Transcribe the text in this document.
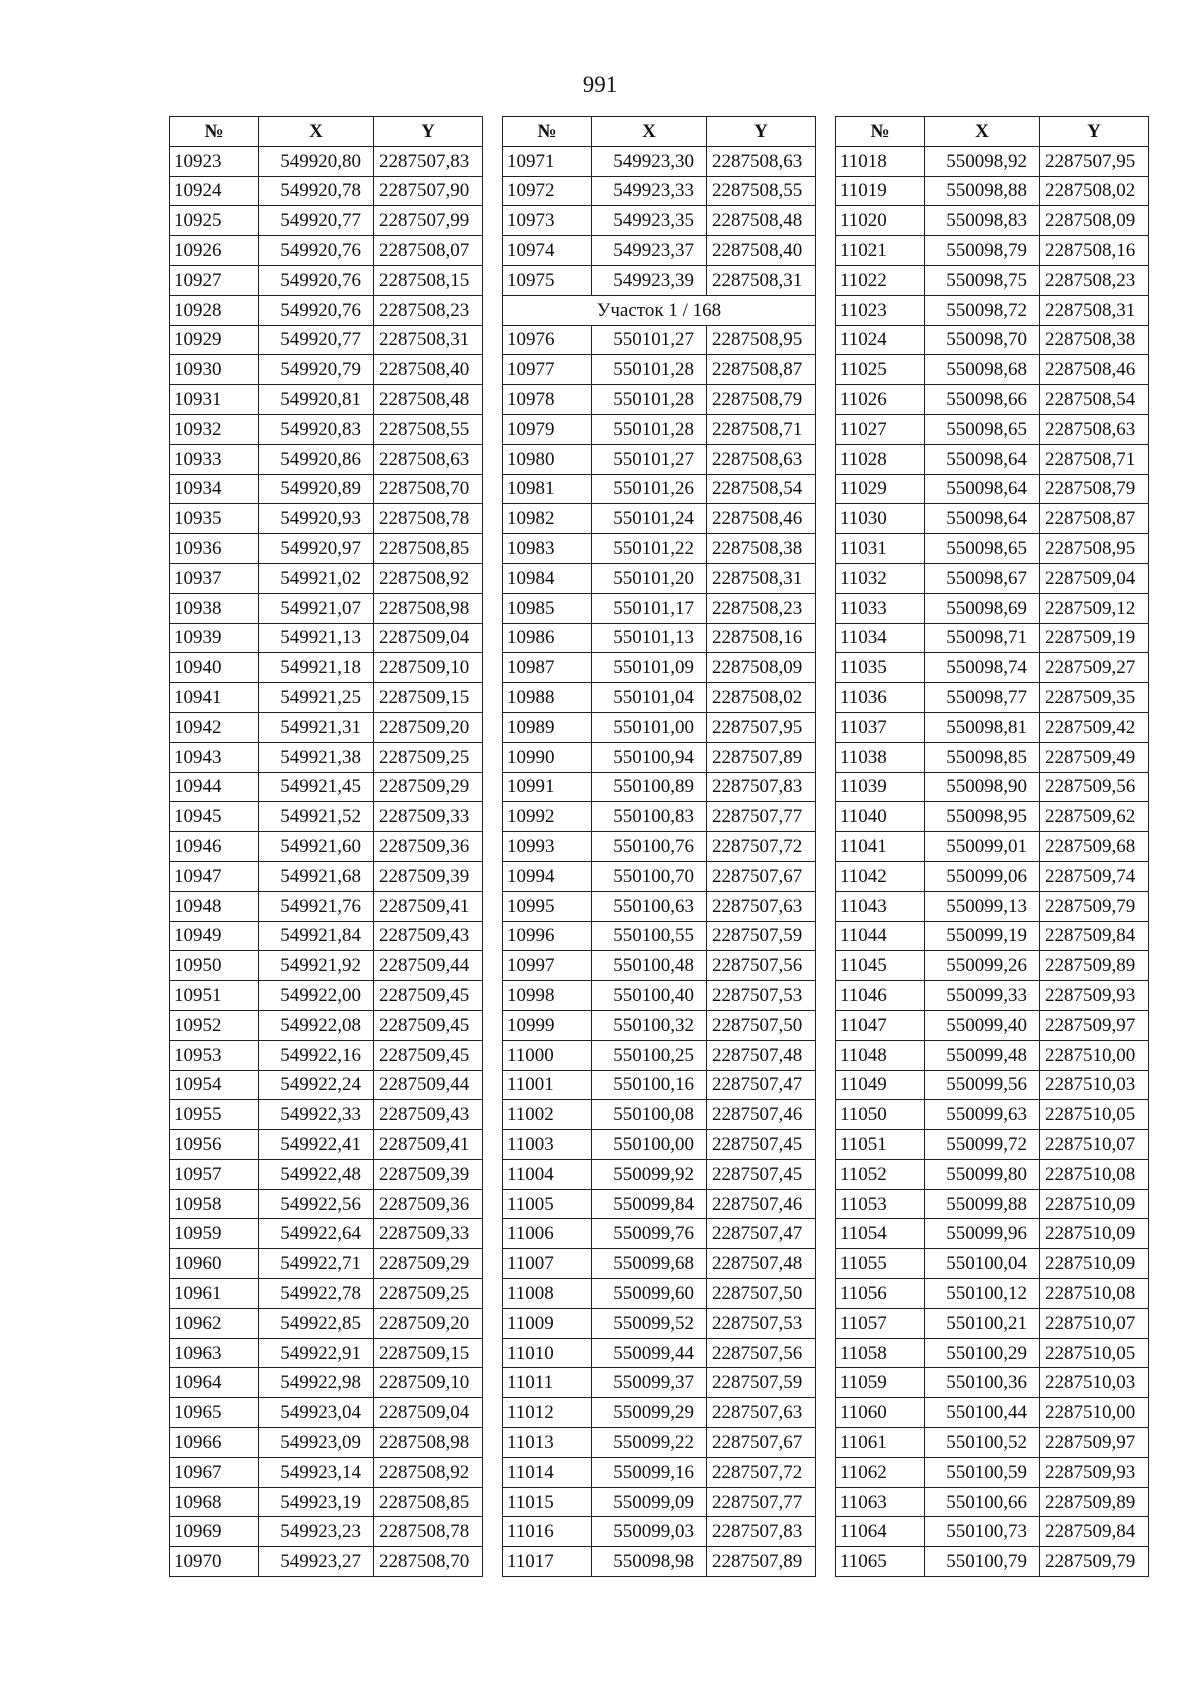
991
№	X	Y
10923	549920,80	2287507,83
10924	549920,78	2287507,90
10925	549920,77	2287507,99
10926	549920,76	2287508,07
10927	549920,76	2287508,15
10928	549920,76	2287508,23
10929	549920,77	2287508,31
10930	549920,79	2287508,40
10931	549920,81	2287508,48
10932	549920,83	2287508,55
10933	549920,86	2287508,63
10934	549920,89	2287508,70
10935	549920,93	2287508,78
10936	549920,97	2287508,85
10937	549921,02	2287508,92
10938	549921,07	2287508,98
10939	549921,13	2287509,04
10940	549921,18	2287509,10
10941	549921,25	2287509,15
10942	549921,31	2287509,20
10943	549921,38	2287509,25
10944	549921,45	2287509,29
10945	549921,52	2287509,33
10946	549921,60	2287509,36
10947	549921,68	2287509,39
10948	549921,76	2287509,41
10949	549921,84	2287509,43
10950	549921,92	2287509,44
10951	549922,00	2287509,45
10952	549922,08	2287509,45
10953	549922,16	2287509,45
10954	549922,24	2287509,44
10955	549922,33	2287509,43
10956	549922,41	2287509,41
10957	549922,48	2287509,39
10958	549922,56	2287509,36
10959	549922,64	2287509,33
10960	549922,71	2287509,29
10961	549922,78	2287509,25
10962	549922,85	2287509,20
10963	549922,91	2287509,15
10964	549922,98	2287509,10
10965	549923,04	2287509,04
10966	549923,09	2287508,98
10967	549923,14	2287508,92
10968	549923,19	2287508,85
10969	549923,23	2287508,78
10970	549923,27	2287508,70
№	X	Y
10971	549923,30	2287508,63
10972	549923,33	2287508,55
10973	549923,35	2287508,48
10974	549923,37	2287508,40
10975	549923,39	2287508,31
Участок 1 / 168		
10976	550101,27	2287508,95
10977	550101,28	2287508,87
10978	550101,28	2287508,79
10979	550101,28	2287508,71
10980	550101,27	2287508,63
10981	550101,26	2287508,54
10982	550101,24	2287508,46
10983	550101,22	2287508,38
10984	550101,20	2287508,31
10985	550101,17	2287508,23
10986	550101,13	2287508,16
10987	550101,09	2287508,09
10988	550101,04	2287508,02
10989	550101,00	2287507,95
10990	550100,94	2287507,89
10991	550100,89	2287507,83
10992	550100,83	2287507,77
10993	550100,76	2287507,72
10994	550100,70	2287507,67
10995	550100,63	2287507,63
10996	550100,55	2287507,59
10997	550100,48	2287507,56
10998	550100,40	2287507,53
10999	550100,32	2287507,50
11000	550100,25	2287507,48
11001	550100,16	2287507,47
11002	550100,08	2287507,46
11003	550100,00	2287507,45
11004	550099,92	2287507,45
11005	550099,84	2287507,46
11006	550099,76	2287507,47
11007	550099,68	2287507,48
11008	550099,60	2287507,50
11009	550099,52	2287507,53
11010	550099,44	2287507,56
11011	550099,37	2287507,59
11012	550099,29	2287507,63
11013	550099,22	2287507,67
11014	550099,16	2287507,72
11015	550099,09	2287507,77
11016	550099,03	2287507,83
11017	550098,98	2287507,89
№	X	Y
11018	550098,92	2287507,95
11019	550098,88	2287508,02
11020	550098,83	2287508,09
11021	550098,79	2287508,16
11022	550098,75	2287508,23
11023	550098,72	2287508,31
11024	550098,70	2287508,38
11025	550098,68	2287508,46
11026	550098,66	2287508,54
11027	550098,65	2287508,63
11028	550098,64	2287508,71
11029	550098,64	2287508,79
11030	550098,64	2287508,87
11031	550098,65	2287508,95
11032	550098,67	2287509,04
11033	550098,69	2287509,12
11034	550098,71	2287509,19
11035	550098,74	2287509,27
11036	550098,77	2287509,35
11037	550098,81	2287509,42
11038	550098,85	2287509,49
11039	550098,90	2287509,56
11040	550098,95	2287509,62
11041	550099,01	2287509,68
11042	550099,06	2287509,74
11043	550099,13	2287509,79
11044	550099,19	2287509,84
11045	550099,26	2287509,89
11046	550099,33	2287509,93
11047	550099,40	2287509,97
11048	550099,48	2287510,00
11049	550099,56	2287510,03
11050	550099,63	2287510,05
11051	550099,72	2287510,07
11052	550099,80	2287510,08
11053	550099,88	2287510,09
11054	550099,96	2287510,09
11055	550100,04	2287510,09
11056	550100,12	2287510,08
11057	550100,21	2287510,07
11058	550100,29	2287510,05
11059	550100,36	2287510,03
11060	550100,44	2287510,00
11061	550100,52	2287509,97
11062	550100,59	2287509,93
11063	550100,66	2287509,89
11064	550100,73	2287509,84
11065	550100,79	2287509,79
